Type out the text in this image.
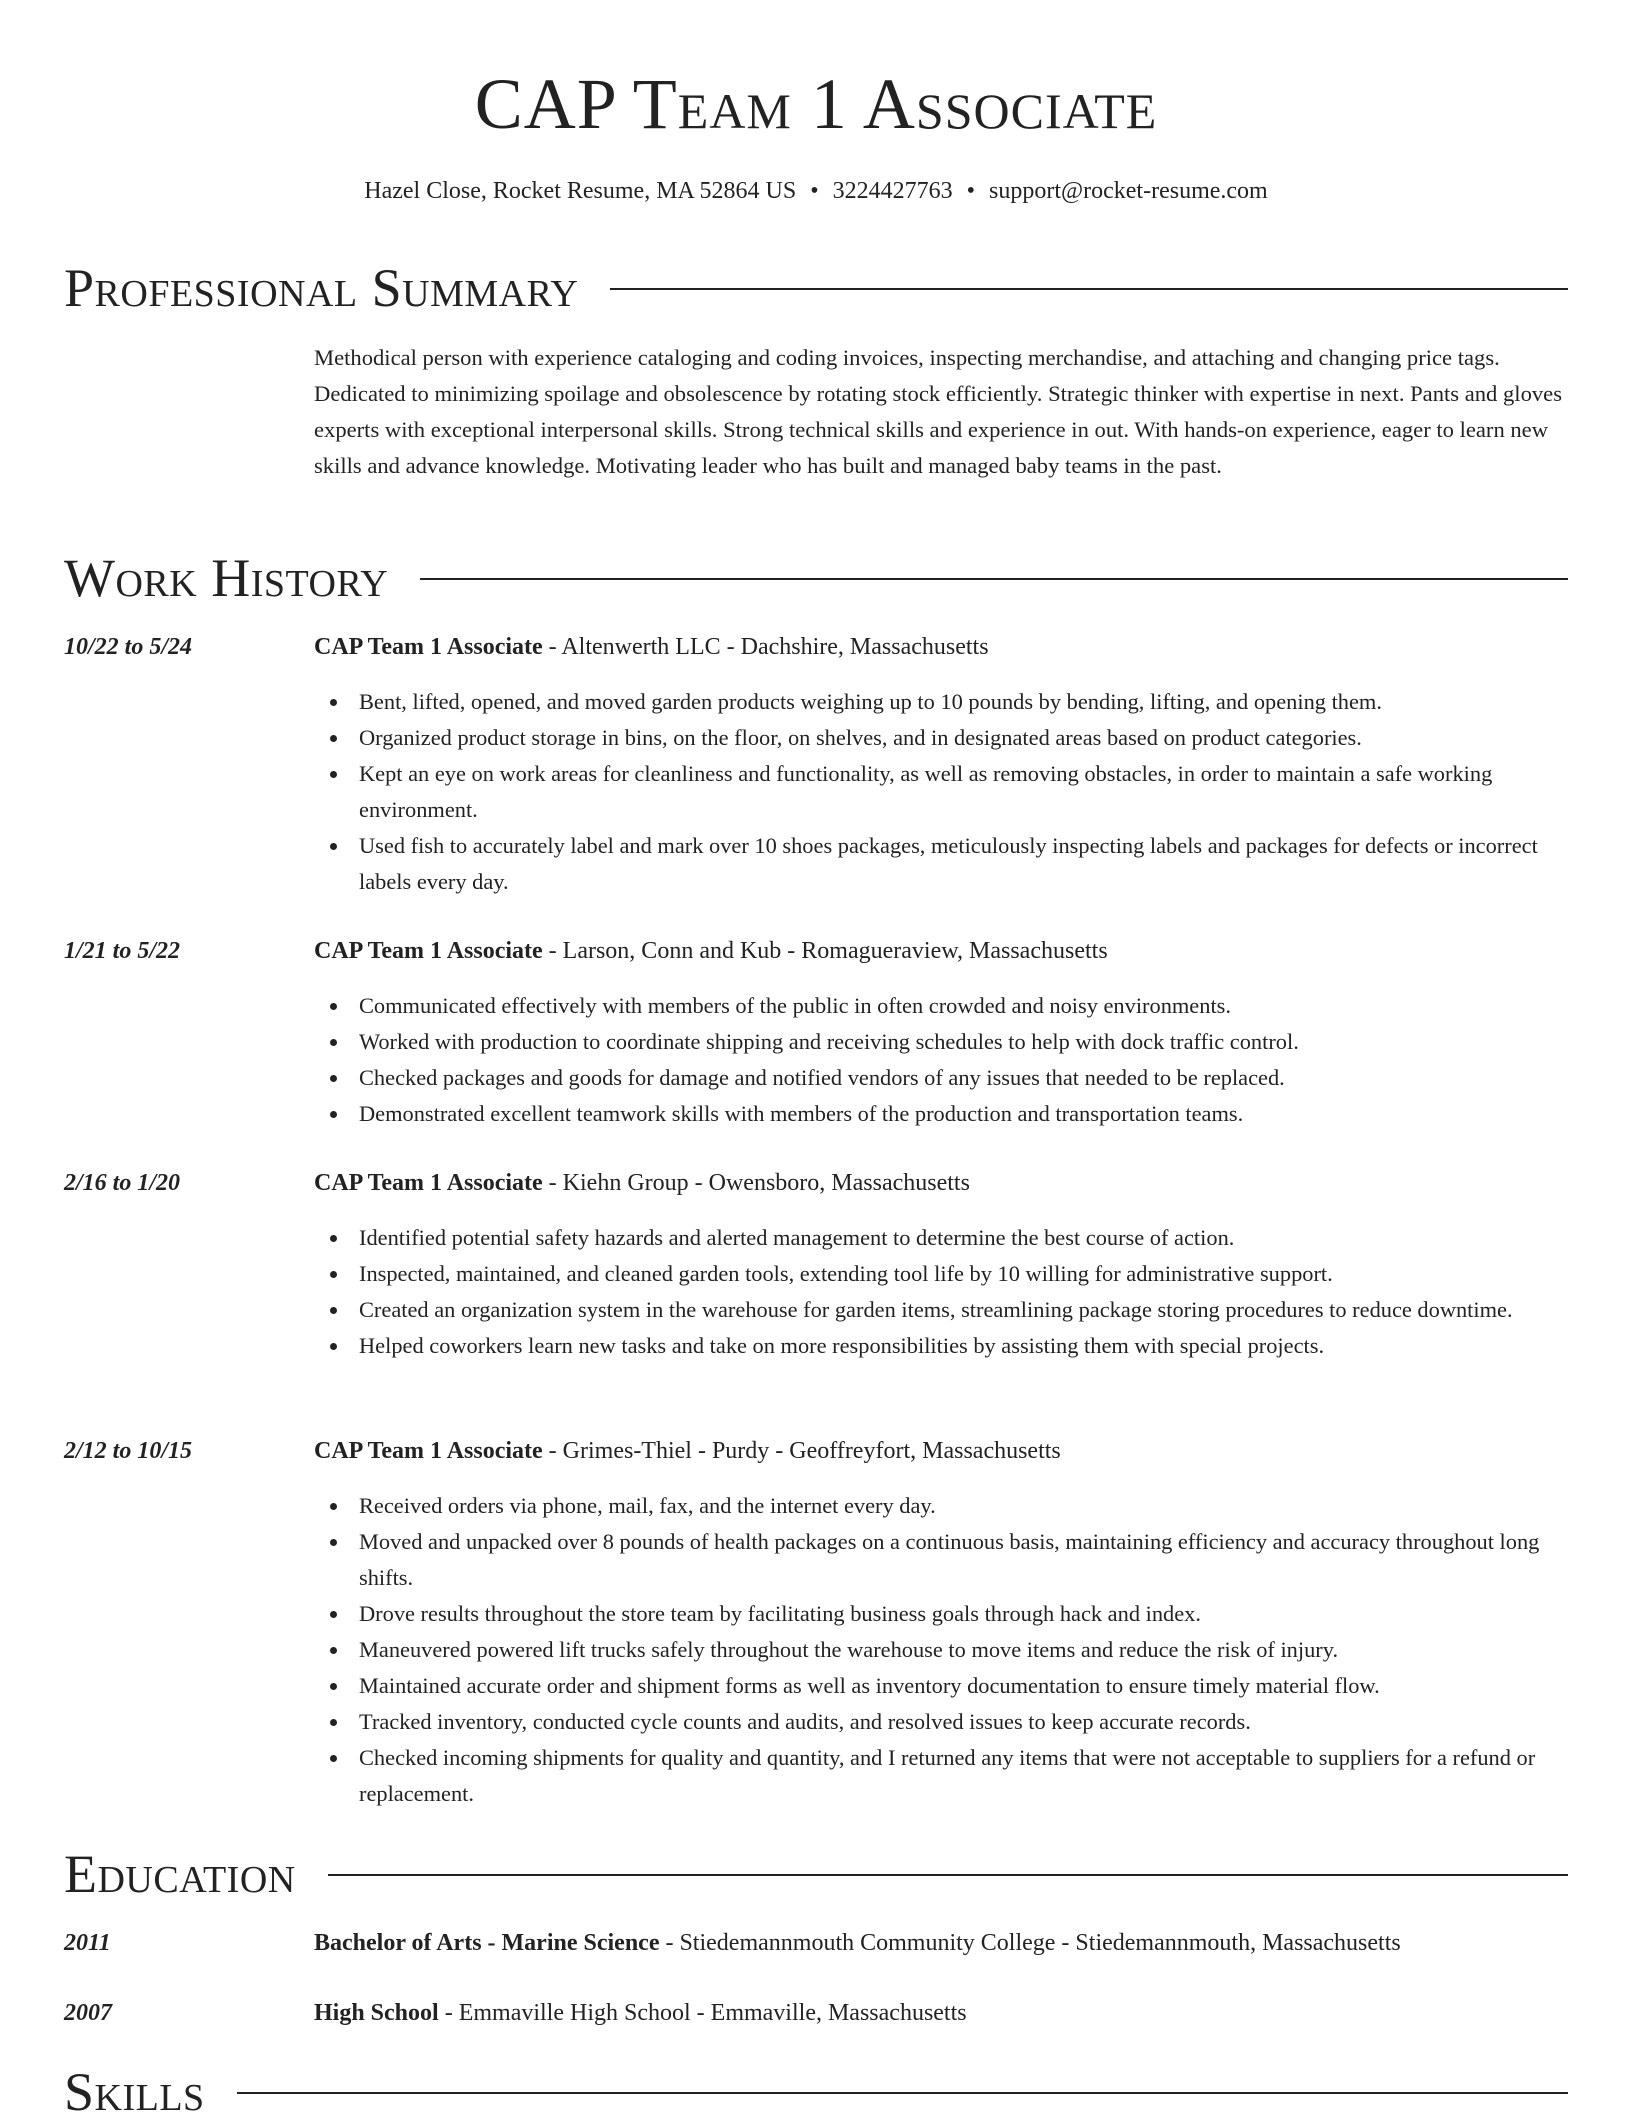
CAP Team 1 Associate

Hazel Close, Rocket Resume, MA 52864 US • 3224427763 • support@rocket-resume.com

Professional Summary

Methodical person with experience cataloging and coding invoices, inspecting merchandise, and attaching and changing price tags. Dedicated to minimizing spoilage and obsolescence by rotating stock efficiently. Strategic thinker with expertise in next. Pants and gloves experts with exceptional interpersonal skills. Strong technical skills and experience in out. With hands-on experience, eager to learn new skills and advance knowledge. Motivating leader who has built and managed baby teams in the past.

Work History
10/22 to 5/24	CAP Team 1 Associate - Altenwerth LLC - Dachshire, Massachusetts
Bent, lifted, opened, and moved garden products weighing up to 10 pounds by bending, lifting, and opening them.
Organized product storage in bins, on the floor, on shelves, and in designated areas based on product categories.
Kept an eye on work areas for cleanliness and functionality, as well as removing obstacles, in order to maintain a safe working environment.
Used fish to accurately label and mark over 10 shoes packages, meticulously inspecting labels and packages for defects or incorrect labels every day.
1/21 to 5/22	CAP Team 1 Associate - Larson, Conn and Kub - Romagueraview, Massachusetts
Communicated effectively with members of the public in often crowded and noisy environments.
Worked with production to coordinate shipping and receiving schedules to help with dock traffic control.
Checked packages and goods for damage and notified vendors of any issues that needed to be replaced.
Demonstrated excellent teamwork skills with members of the production and transportation teams.
2/16 to 1/20	CAP Team 1 Associate - Kiehn Group - Owensboro, Massachusetts
Identified potential safety hazards and alerted management to determine the best course of action.
Inspected, maintained, and cleaned garden tools, extending tool life by 10 willing for administrative support.
Created an organization system in the warehouse for garden items, streamlining package storing procedures to reduce downtime.
Helped coworkers learn new tasks and take on more responsibilities by assisting them with special projects.
2/12 to 10/15	CAP Team 1 Associate - Grimes-Thiel - Purdy - Geoffreyfort, Massachusetts
Received orders via phone, mail, fax, and the internet every day.
Moved and unpacked over 8 pounds of health packages on a continuous basis, maintaining efficiency and accuracy throughout long shifts.
Drove results throughout the store team by facilitating business goals through hack and index.
Maneuvered powered lift trucks safely throughout the warehouse to move items and reduce the risk of injury.
Maintained accurate order and shipment forms as well as inventory documentation to ensure timely material flow.
Tracked inventory, conducted cycle counts and audits, and resolved issues to keep accurate records.
Checked incoming shipments for quality and quantity, and I returned any items that were not acceptable to suppliers for a refund or replacement.
Education
2011	Bachelor of Arts - Marine Science - Stiedemannmouth Community College - Stiedemannmouth, Massachusetts
2007	High School - Emmaville High School - Emmaville, Massachusetts
Skills
